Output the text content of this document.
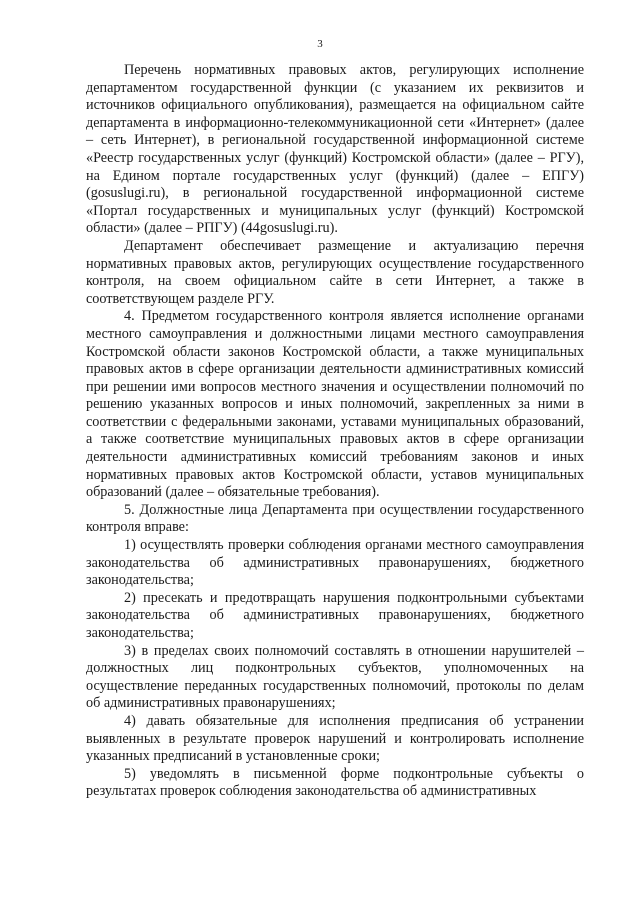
3

Перечень нормативных правовых актов, регулирующих исполнение департаментом государственной функции (с указанием их реквизитов и источников официального опубликования), размещается на официальном сайте департамента в информационно-телекоммуникационной сети «Интернет» (далее – сеть Интернет), в региональной государственной информационной системе «Реестр государственных услуг (функций) Костромской области» (далее – РГУ), на Едином портале государственных услуг (функций) (далее – ЕПГУ) (gosuslugi.ru), в региональной государственной информационной системе «Портал государственных и муниципальных услуг (функций) Костромской области» (далее – РПГУ) (44gosuslugi.ru).

Департамент обеспечивает размещение и актуализацию перечня нормативных правовых актов, регулирующих осуществление государственного контроля, на своем официальном сайте в сети Интернет, а также в соответствующем разделе РГУ.

4. Предметом государственного контроля является исполнение органами местного самоуправления и должностными лицами местного самоуправления Костромской области законов Костромской области, а также муниципальных правовых актов в сфере организации деятельности административных комиссий при решении ими вопросов местного значения и осуществлении полномочий по решению указанных вопросов и иных полномочий, закрепленных за ними в соответствии с федеральными законами, уставами муниципальных образований, а также соответствие муниципальных правовых актов в сфере организации деятельности административных комиссий требованиям законов и иных нормативных правовых актов Костромской области, уставов муниципальных образований (далее – обязательные требования).

5. Должностные лица Департамента при осуществлении государственного контроля вправе:

1) осуществлять проверки соблюдения органами местного самоуправления законодательства об административных правонарушениях, бюджетного законодательства;

2) пресекать и предотвращать нарушения подконтрольными субъектами законодательства об административных правонарушениях, бюджетного законодательства;

3) в пределах своих полномочий составлять в отношении нарушителей – должностных лиц подконтрольных субъектов, уполномоченных на осуществление переданных государственных полномочий, протоколы по делам об административных правонарушениях;

4) давать обязательные для исполнения предписания об устранении выявленных в результате проверок нарушений и контролировать исполнение указанных предписаний в установленные сроки;

5) уведомлять в письменной форме подконтрольные субъекты о результатах проверок соблюдения законодательства об административных
